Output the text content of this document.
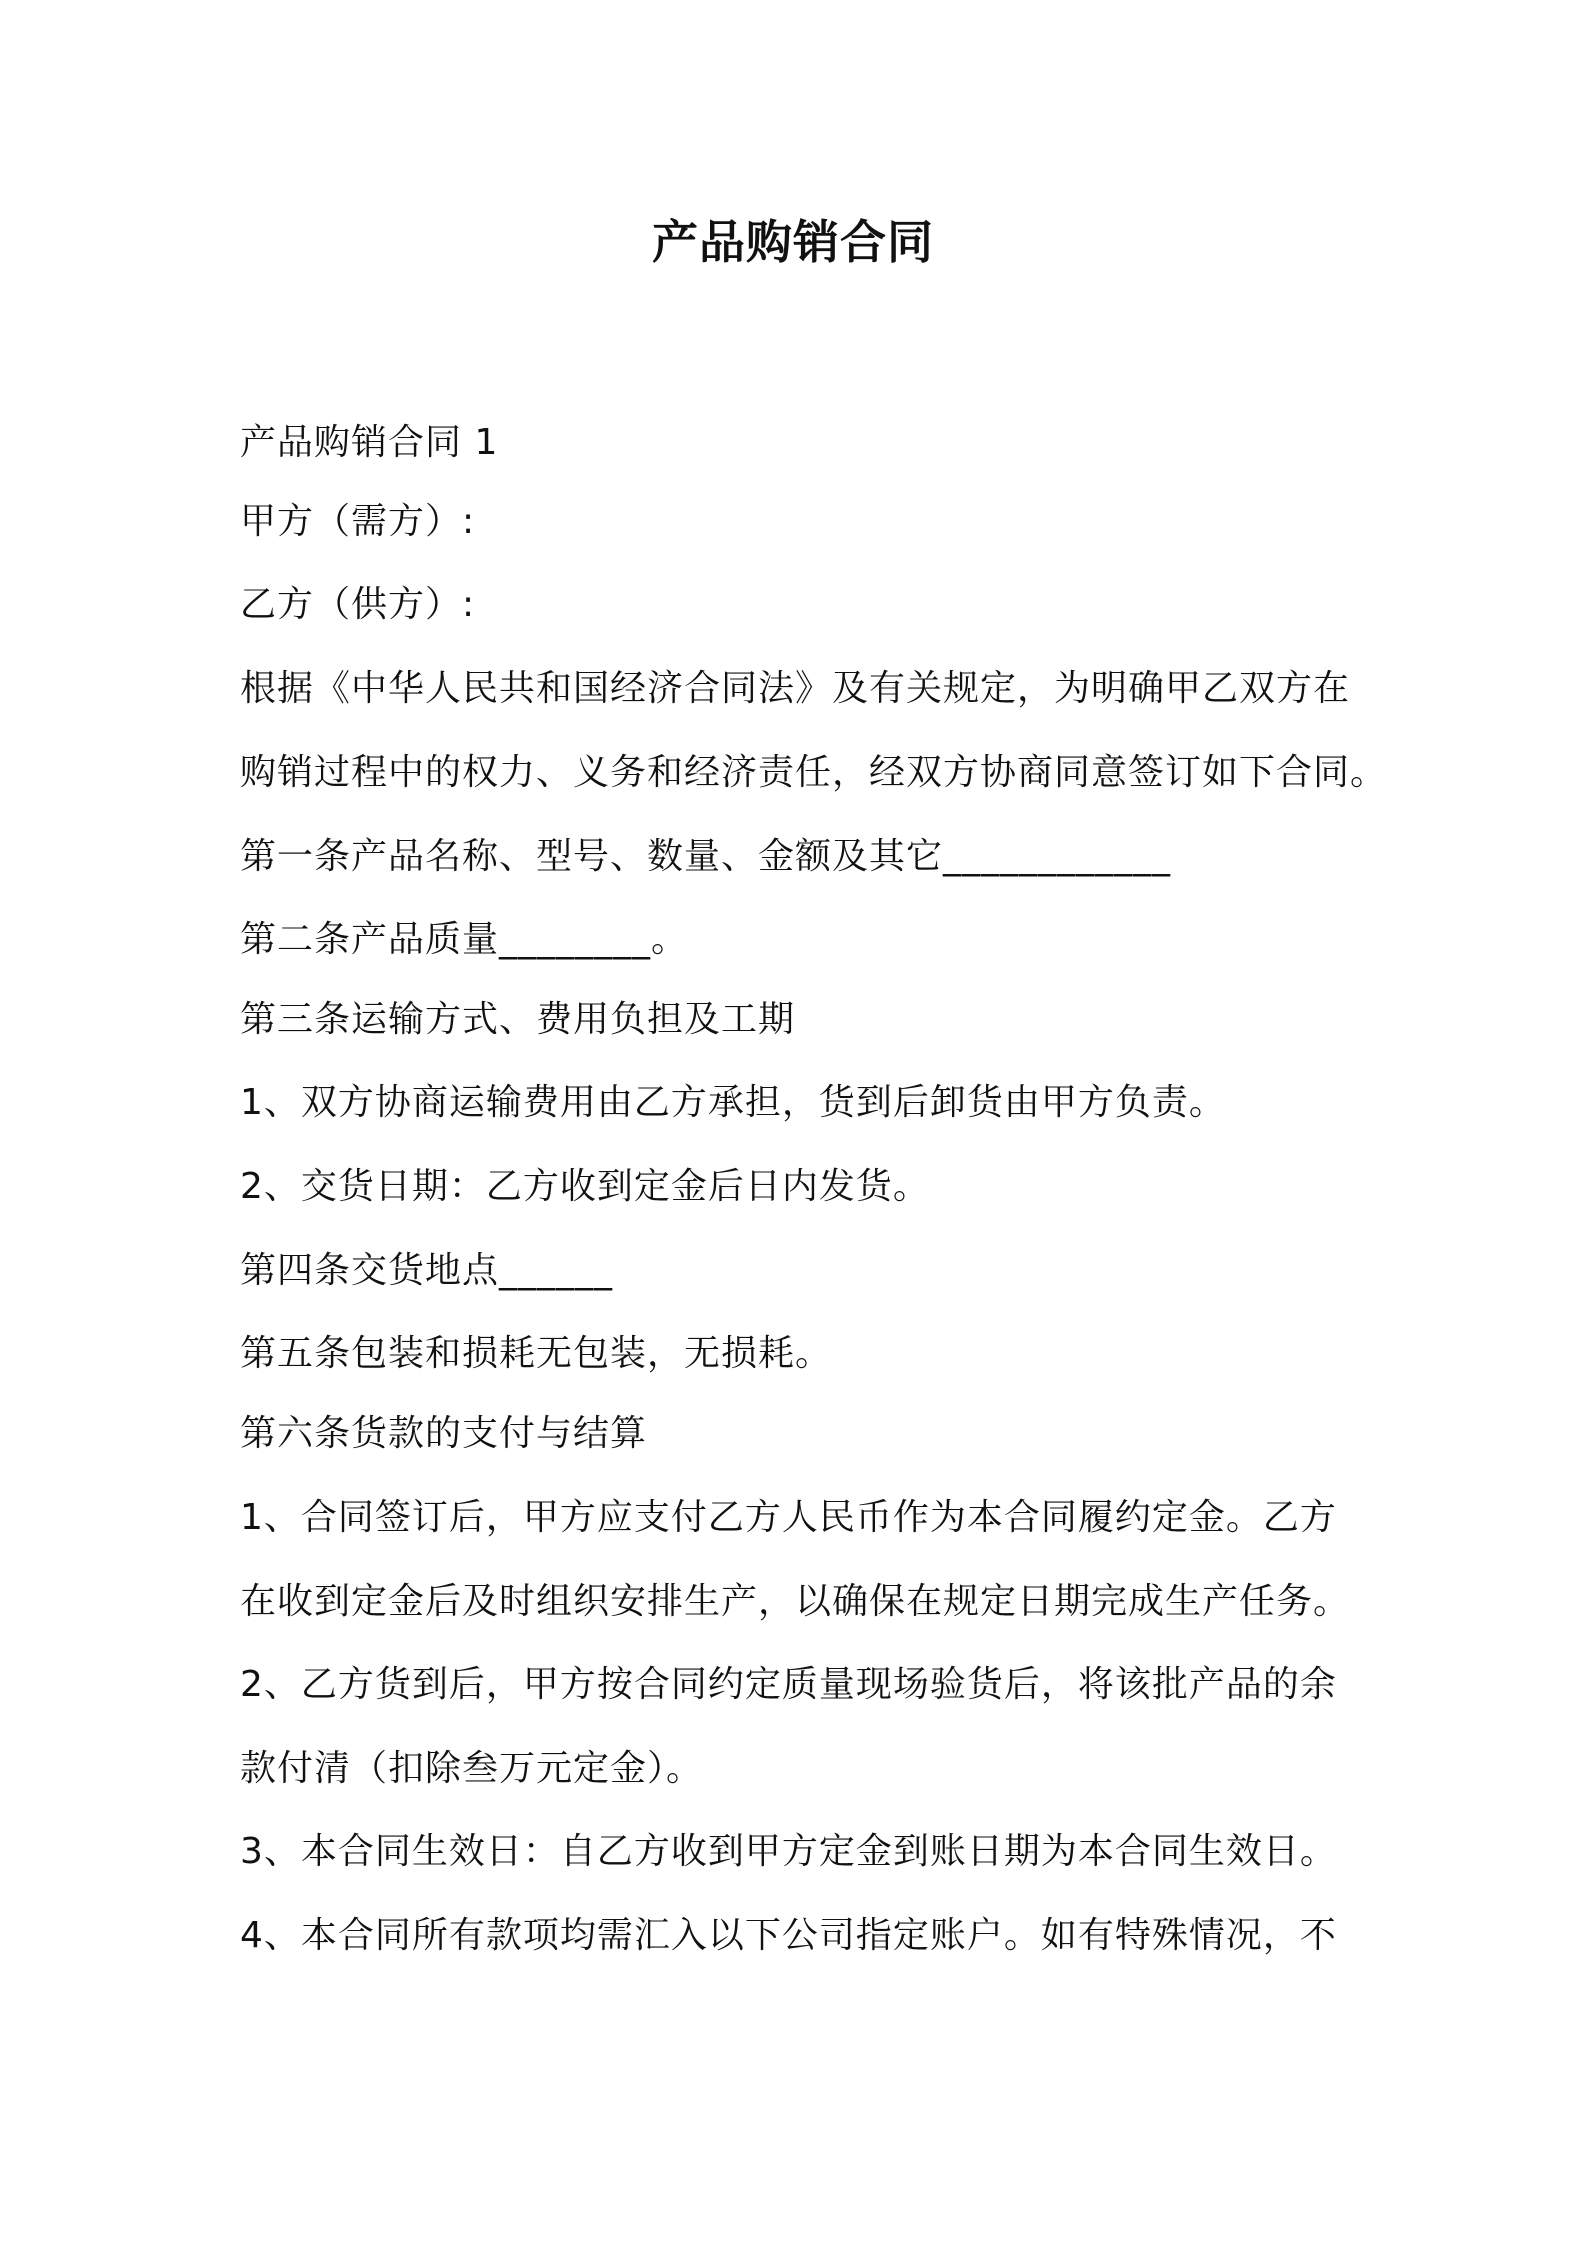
产品购销合同

产品购销合同 1

甲方（需方）:

乙方（供方）:

根据《中华人民共和国经济合同法》及有关规定，为明确甲乙双方在

购销过程中的权力、义务和经济责任，经双方协商同意签订如下合同。

第一条产品名称、型号、数量、金额及其它____________

第二条产品质量________。

第三条运输方式、费用负担及工期

1、双方协商运输费用由乙方承担，货到后卸货由甲方负责。

2、交货日期：乙方收到定金后日内发货。

第四条交货地点______

第五条包装和损耗无包装，无损耗。

第六条货款的支付与结算

1、合同签订后，甲方应支付乙方人民币作为本合同履约定金。乙方

在收到定金后及时组织安排生产，以确保在规定日期完成生产任务。

2、乙方货到后，甲方按合同约定质量现场验货后，将该批产品的余

款付清（扣除叁万元定金）。

3、本合同生效日：自乙方收到甲方定金到账日期为本合同生效日。

4、本合同所有款项均需汇入以下公司指定账户。如有特殊情况，不
